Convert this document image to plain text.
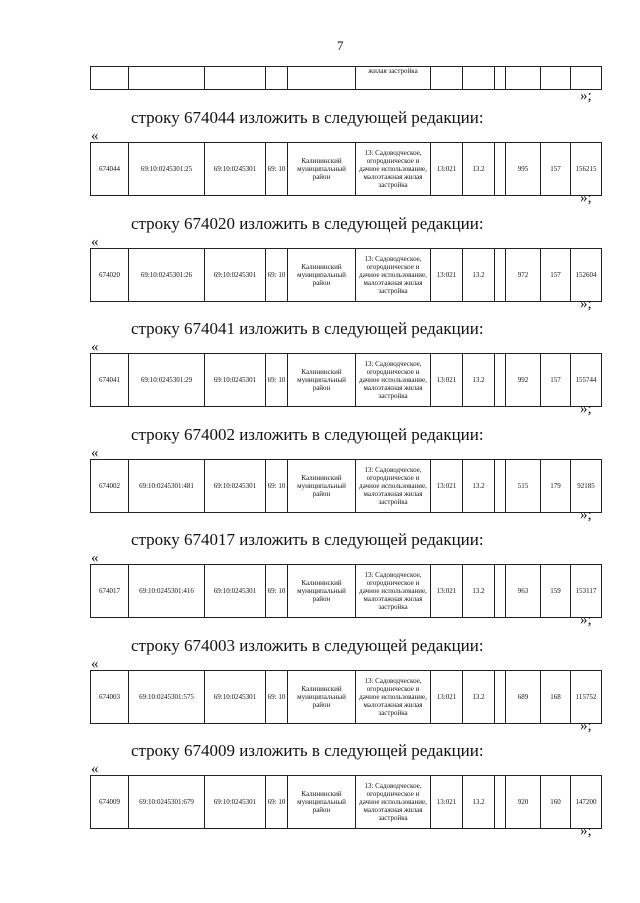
7
					жилая застройка						
»;
строку 674044 изложить в следующей редакции:
«
674044	69:10:0245301:25	69:10:0245301	69: 10	Калининский муниципальный район	13: Садоводческое, огородническое и дачное использование, малоэтажная жилая застройка	13:021	13.2		995	157	156215
»;
строку 674020 изложить в следующей редакции:
«
674020	69:10:0245301:26	69:10:0245301	69: 10	Калининский муниципальный район	13: Садоводческое, огородническое и дачное использование, малоэтажная жилая застройка	13:021	13.2		972	157	152604
»;
строку 674041 изложить в следующей редакции:
«
674041	69:10:0245301:29	69:10:0245301	69: 10	Калининский муниципальный район	13: Садоводческое, огородническое и дачное использование, малоэтажная жилая застройка	13:021	13.2		992	157	155744
»;
строку 674002 изложить в следующей редакции:
«
674002	69:10:0245301:481	69:10:0245301	69: 10	Калининский муниципальный район	13: Садоводческое, огородническое и дачное использование, малоэтажная жилая застройка	13:021	13.2		515	179	92185
»;
строку 674017 изложить в следующей редакции:
«
674017	69:10:0245301:416	69:10:0245301	69: 10	Калининский муниципальный район	13: Садоводческое, огородническое и дачное использование, малоэтажная жилая застройка	13:021	13.2		963	159	153117
»;
строку 674003 изложить в следующей редакции:
«
674003	69:10:0245301:575	69:10:0245301	69: 10	Калининский муниципальный район	13: Садоводческое, огородническое и дачное использование, малоэтажная жилая застройка	13:021	13.2		689	168	115752
»;
строку 674009 изложить в следующей редакции:
«
674009	69:10:0245301:679	69:10:0245301	69: 10	Калининский муниципальный район	13: Садоводческое, огородническое и дачное использование, малоэтажная жилая застройка	13:021	13.2		920	160	147200
»;
